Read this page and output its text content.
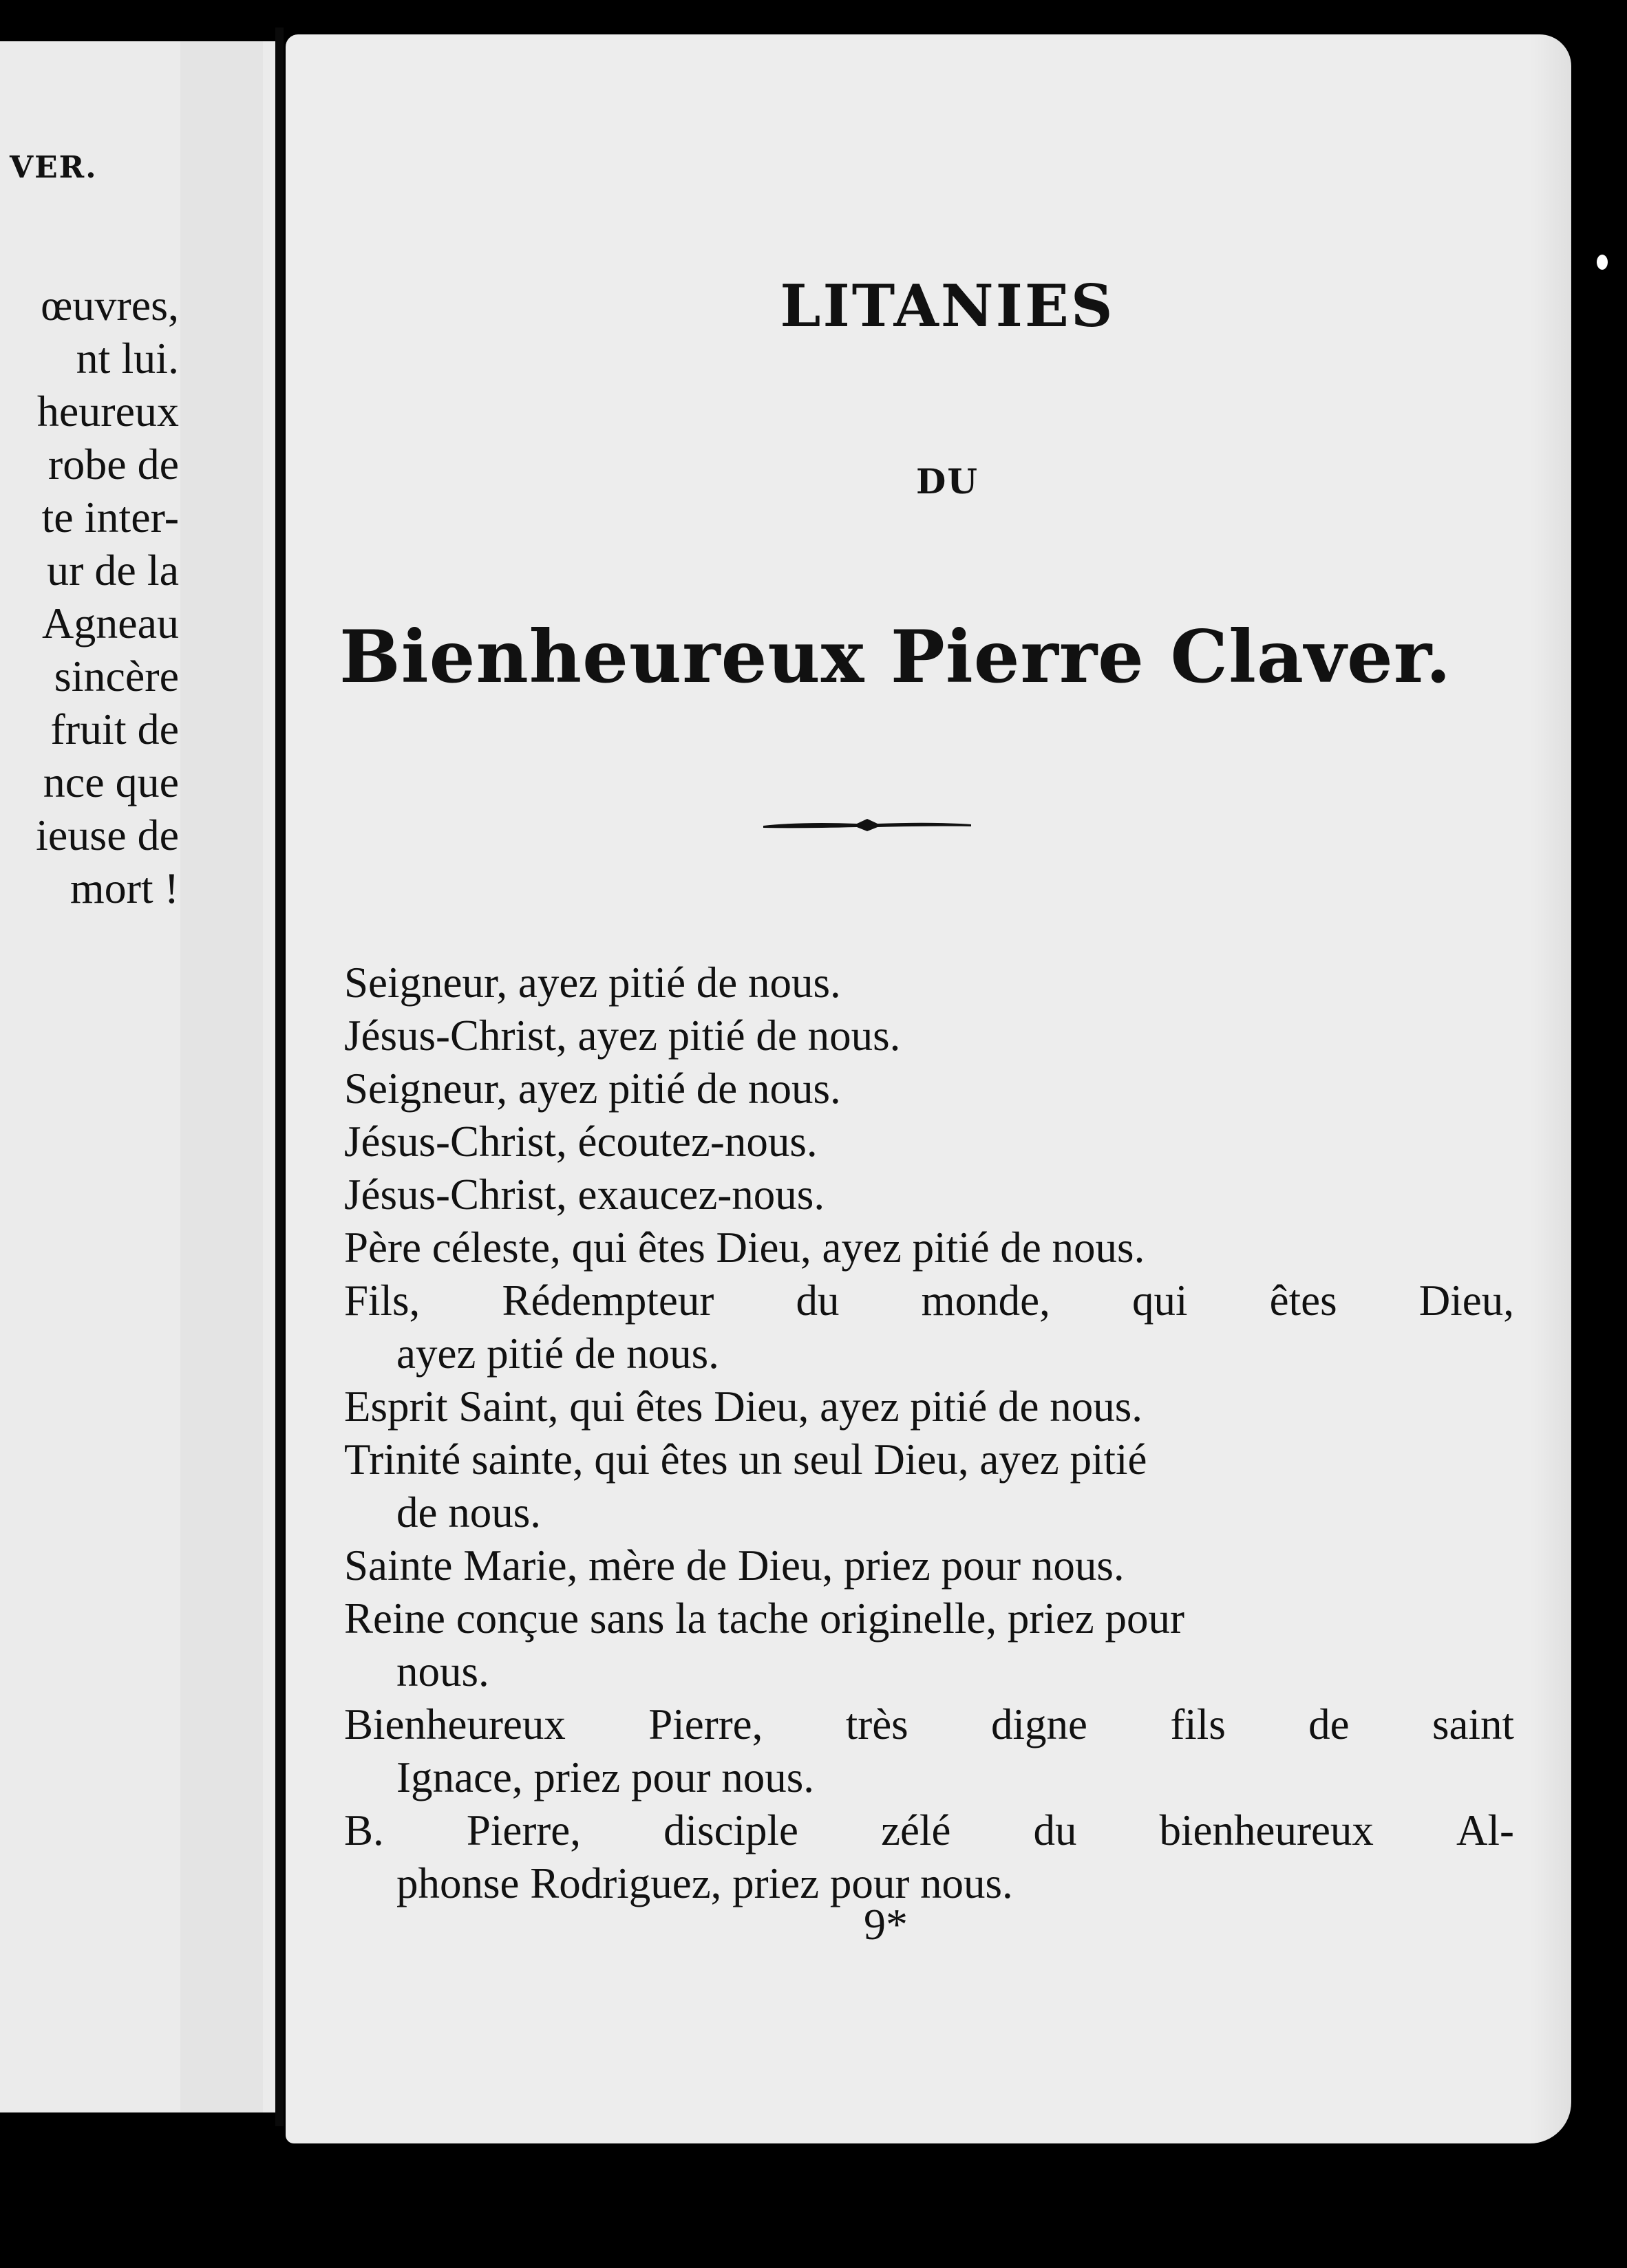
VER.
œuvres,
nt lui.
heureux
robe de
te inter-
ur de la
Agneau
sincère
fruit de
nce que
ieuse de
mort !
LITANIES
DU
Bienheureux Pierre Claver.
Seigneur, ayez pitié de nous.
Jésus-Christ, ayez pitié de nous.
Seigneur, ayez pitié de nous.
Jésus-Christ, écoutez-nous.
Jésus-Christ, exaucez-nous.
Père céleste, qui êtes Dieu, ayez pitié de nous.
Fils, Rédempteur du monde, qui êtes Dieu,
ayez pitié de nous.
Esprit Saint, qui êtes Dieu, ayez pitié de nous.
Trinité sainte, qui êtes un seul Dieu, ayez pitié
de nous.
Sainte Marie, mère de Dieu, priez pour nous.
Reine conçue sans la tache originelle, priez pour
nous.
Bienheureux Pierre, très digne fils de saint
Ignace, priez pour nous.
B. Pierre, disciple zélé du bienheureux Al-
phonse Rodriguez, priez pour nous.
9*
